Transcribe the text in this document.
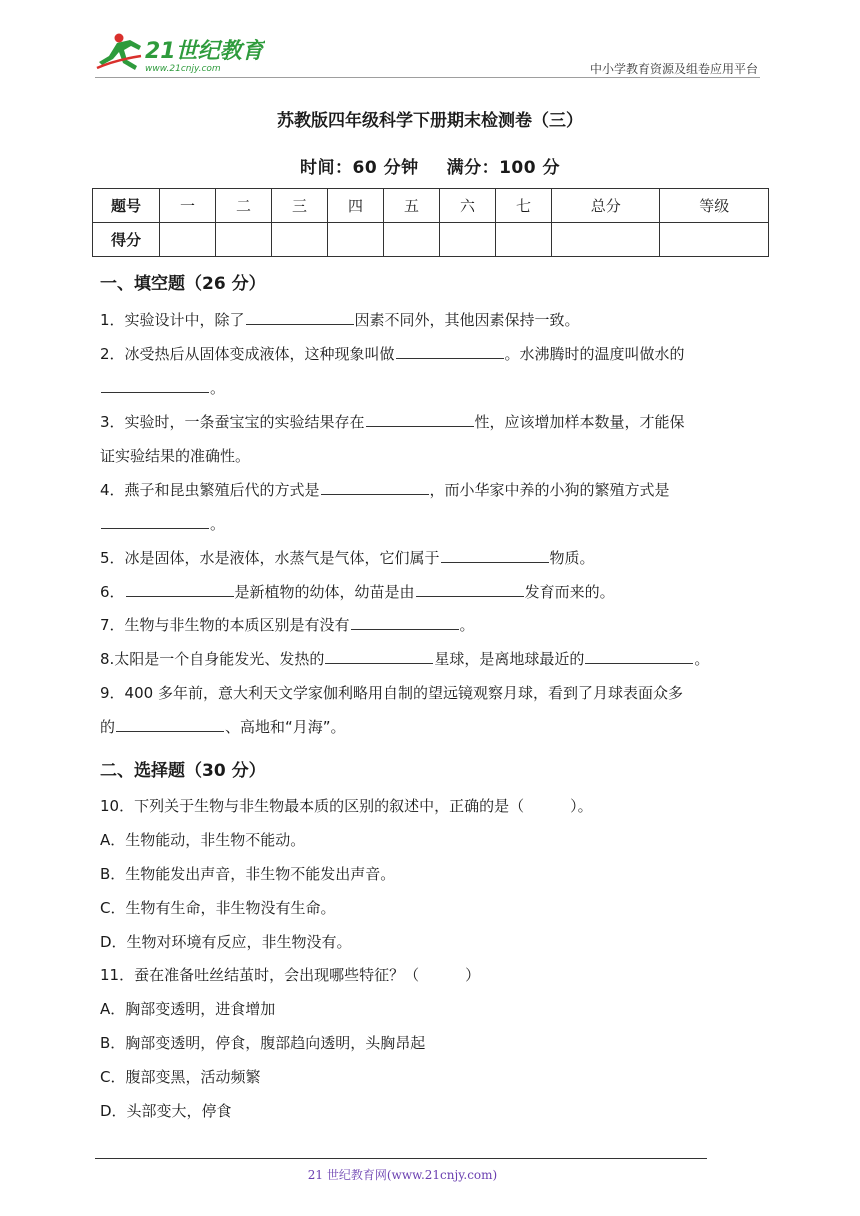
21世纪教育
www.21cnjy.com	中小学教育资源及组卷应用平台
苏教版四年级科学下册期末检测卷（三）
时间：60 分钟 满分：100 分
题号	一	二	三	四	五	六	七	总分	等级
得分									
一、填空题（26 分）
1．实验设计中，除了	因素不同外，其他因素保持一致。
2．冰受热后从固体变成液体，这种现象叫做	。水沸腾时的温度叫做水的
。
3．实验时，一条蚕宝宝的实验结果存在	性，应该增加样本数量，才能保
证实验结果的准确性。
4．燕子和昆虫繁殖后代的方式是	，而小华家中养的小狗的繁殖方式是
。
5．冰是固体，水是液体，水蒸气是气体，它们属于	物质。
6．	是新植物的幼体，幼苗是由	发育而来的。
7．生物与非生物的本质区别是有没有	。
8.太阳是一个自身能发光、发热的	星球，是离地球最近的	。
9．400 多年前，意大利天文学家伽利略用自制的望远镜观察月球，看到了月球表面众多
的	、高地和“月海”。
二、选择题（30 分）
10．下列关于生物与非生物最本质的区别的叙述中，正确的是（	）。
A．生物能动，非生物不能动。
B．生物能发出声音，非生物不能发出声音。
C．生物有生命，非生物没有生命。
D．生物对环境有反应，非生物没有。
11．蚕在准备吐丝结茧时，会出现哪些特征？（	）
A．胸部变透明，进食增加
B．胸部变透明，停食，腹部趋向透明，头胸昂起
C．腹部变黑，活动频繁
D．头部变大，停食
21 世纪教育网(www.21cnjy.com)
